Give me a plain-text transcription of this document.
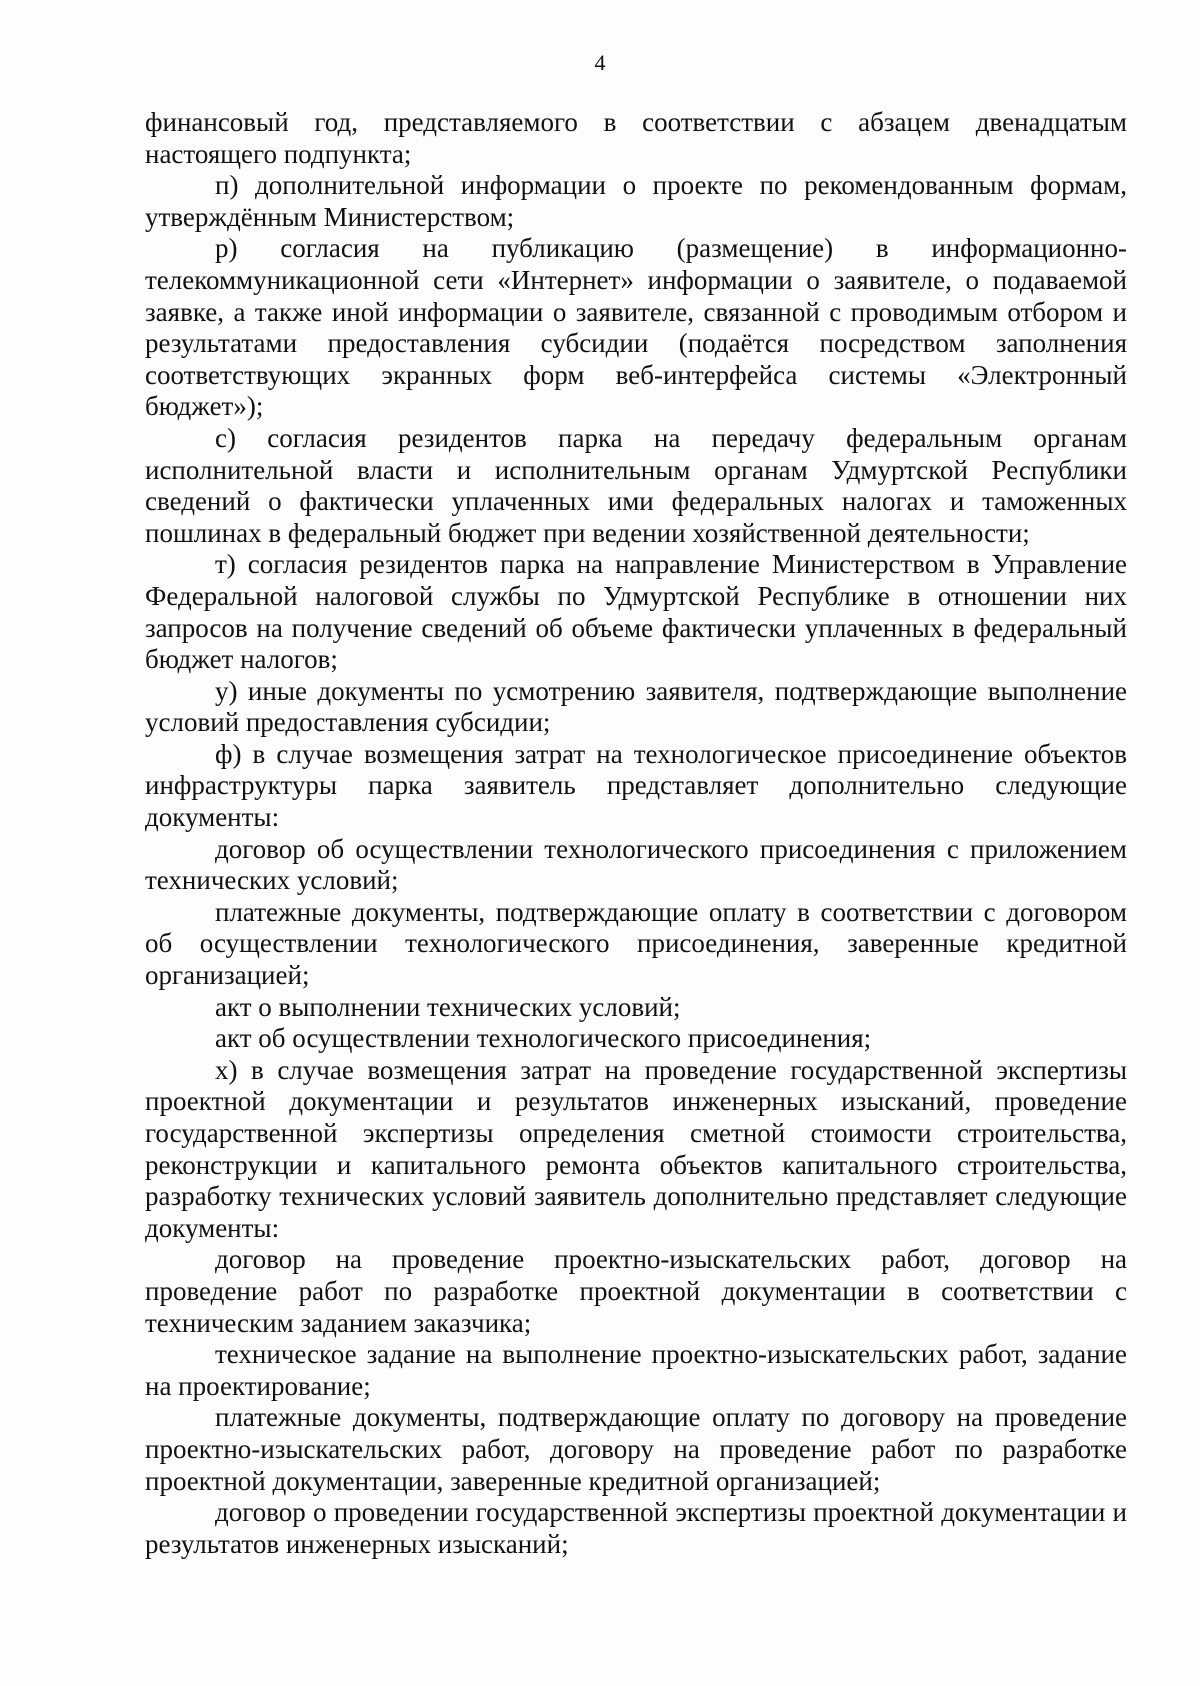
4

финансовый год, представляемого в соответствии с абзацем двенадцатым настоящего подпункта;

п) дополнительной информации о проекте по рекомендованным формам, утверждённым Министерством;

р) согласия на публикацию (размещение) в информационно-телекоммуникационной сети «Интернет» информации о заявителе, о подаваемой заявке, а также иной информации о заявителе, связанной с проводимым отбором и результатами предоставления субсидии (подаётся посредством заполнения соответствующих экранных форм веб-интерфейса системы «Электронный бюджет»);

с) согласия резидентов парка на передачу федеральным органам исполнительной власти и исполнительным органам Удмуртской Республики сведений о фактически уплаченных ими федеральных налогах и таможенных пошлинах в федеральный бюджет при ведении хозяйственной деятельности;

т) согласия резидентов парка на направление Министерством в Управление Федеральной налоговой службы по Удмуртской Республике в отношении них запросов на получение сведений об объеме фактически уплаченных в федеральный бюджет налогов;

у) иные документы по усмотрению заявителя, подтверждающие выполнение условий предоставления субсидии;

ф) в случае возмещения затрат на технологическое присоединение объектов инфраструктуры парка заявитель представляет дополнительно следующие документы:

договор об осуществлении технологического присоединения с приложением технических условий;

платежные документы, подтверждающие оплату в соответствии с договором об осуществлении технологического присоединения, заверенные кредитной организацией;

акт о выполнении технических условий;

акт об осуществлении технологического присоединения;

х) в случае возмещения затрат на проведение государственной экспертизы проектной документации и результатов инженерных изысканий, проведение государственной экспертизы определения сметной стоимости строительства, реконструкции и капитального ремонта объектов капитального строительства, разработку технических условий заявитель дополнительно представляет следующие документы:

договор на проведение проектно-изыскательских работ, договор на проведение работ по разработке проектной документации в соответствии с техническим заданием заказчика;

техническое задание на выполнение проектно-изыскательских работ, задание на проектирование;

платежные документы, подтверждающие оплату по договору на проведение проектно-изыскательских работ, договору на проведение работ по разработке проектной документации, заверенные кредитной организацией;

договор о проведении государственной экспертизы проектной документации и результатов инженерных изысканий;
